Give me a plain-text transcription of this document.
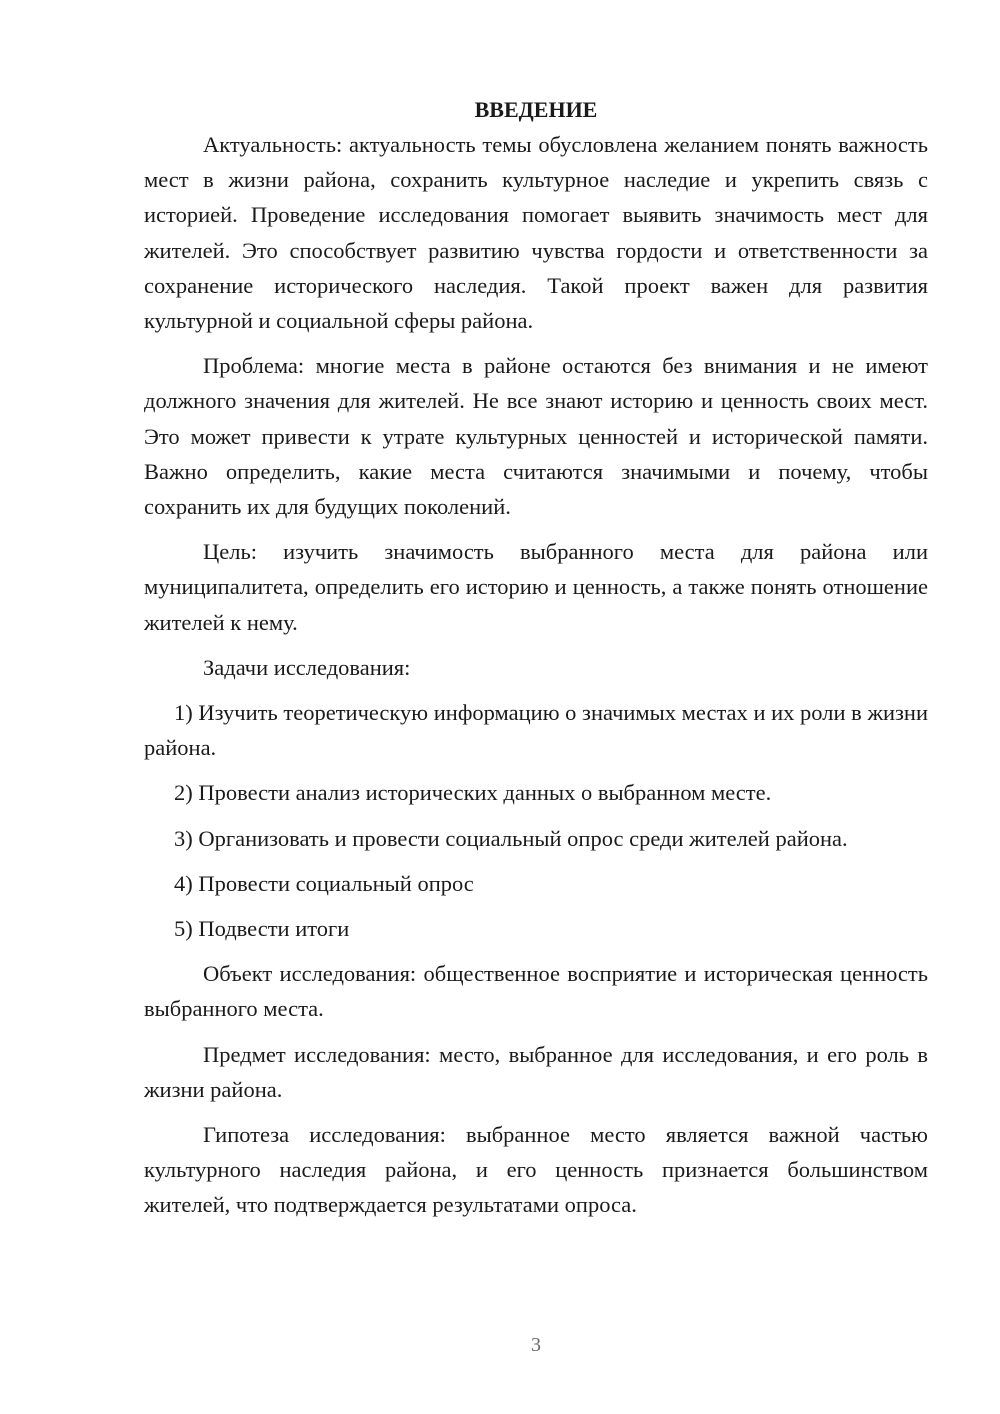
ВВЕДЕНИЕ

Актуальность: актуальность темы обусловлена желанием понять важность мест в жизни района, сохранить культурное наследие и укрепить связь с историей. Проведение исследования помогает выявить значимость мест для жителей. Это способствует развитию чувства гордости и ответственности за сохранение исторического наследия. Такой проект важен для развития культурной и социальной сферы района.

Проблема: многие места в районе остаются без внимания и не имеют должного значения для жителей. Не все знают историю и ценность своих мест. Это может привести к утрате культурных ценностей и исторической памяти. Важно определить, какие места считаются значимыми и почему, чтобы сохранить их для будущих поколений.

Цель: изучить значимость выбранного места для района или муниципалитета, определить его историю и ценность, а также понять отношение жителей к нему.

Задачи исследования:

1) Изучить теоретическую информацию о значимых местах и их роли в жизни района.

2) Провести анализ исторических данных о выбранном месте.

3) Организовать и провести социальный опрос среди жителей района.

4) Провести социальный опрос

5) Подвести итоги

Объект исследования: общественное восприятие и историческая ценность выбранного места.

Предмет исследования: место, выбранное для исследования, и его роль в жизни района.

Гипотеза исследования: выбранное место является важной частью культурного наследия района, и его ценность признается большинством жителей, что подтверждается результатами опроса.

3
